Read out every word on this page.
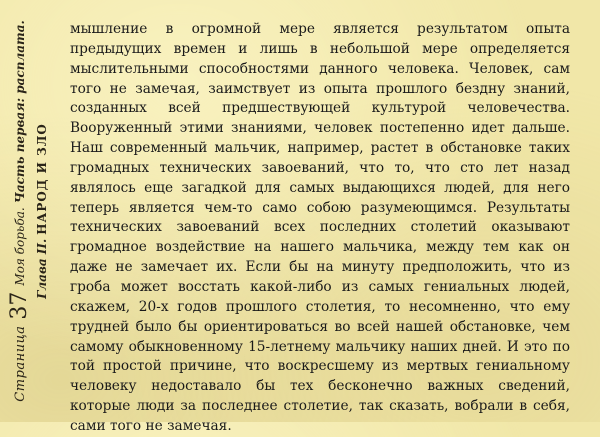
Страница37Моя борьба. Часть первая: расплата.
Глава II.НАРОД И ЗЛО

мышление в огромной мере является результатом опыта предыдущих времен и лишь в небольшой мере определяется мыслительными способностями данного человека. Человек, сам того не замечая, заимствует из опыта прошлого бездну знаний, созданных всей предшествующей культурой человечества. Вооруженный этими знаниями, человек постепенно идет дальше. Наш современный мальчик, например, растет в обстановке таких громадных технических завоеваний, что то, что сто лет назад являлось еще загадкой для самых выдающихся людей, для него теперь является чем-то само собою разумеющимся. Результаты технических завоеваний всех последних столетий оказывают громадное воздействие на нашего мальчика, между тем как он даже не замечает их. Если бы на минуту предположить, что из гроба может восстать какой-либо из самых гениальных людей, скажем, 20-х годов прошлого столетия, то несомненно, что ему трудней было бы ориентироваться во всей нашей обстановке, чем самому обыкновенному 15-летнему мальчику наших дней. И это по той простой причине, что воскресшему из мертвых гениальному человеку недоставало бы тех бесконечно важных сведений, которые люди за последнее столетие, так сказать, вобрали в себя, сами того не замечая.
